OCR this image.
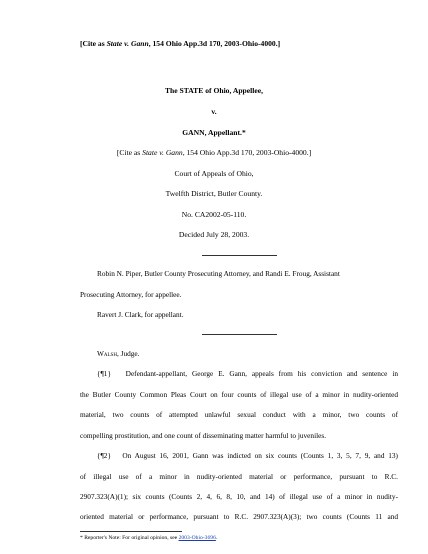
[Cite as State v. Gann, 154 Ohio App.3d 170, 2003-Ohio-4000.]
The STATE of Ohio, Appellee,
v.
GANN, Appellant.*
[Cite as State v. Gann, 154 Ohio App.3d 170, 2003-Ohio-4000.]
Court of Appeals of Ohio,
Twelfth District, Butler County.
No. CA2002-05-110.
Decided July 28, 2003.
Robin N. Piper, Butler County Prosecuting Attorney, and Randi E. Froug, Assistant
Prosecuting Attorney, for appellee.
Ravert J. Clark, for appellant.
Walsh, Judge.
{¶1} Defendant-appellant, George E. Gann, appeals from his conviction and sentence in
the Butler County Common Pleas Court on four counts of illegal use of a minor in nudity-oriented
material, two counts of attempted unlawful sexual conduct with a minor, two counts of
compelling prostitution, and one count of disseminating matter harmful to juveniles.
{¶2} On August 16, 2001, Gann was indicted on six counts (Counts 1, 3, 5, 7, 9, and 13)
of illegal use of a minor in nudity-oriented material or performance, pursuant to R.C.
2907.323(A)(1); six counts (Counts 2, 4, 6, 8, 10, and 14) of illegal use of a minor in nudity-
oriented material or performance, pursuant to R.C. 2907.323(A)(3); two counts (Counts 11 and
* Reporter's Note: For original opinion, see 2003-Ohio-3696.
